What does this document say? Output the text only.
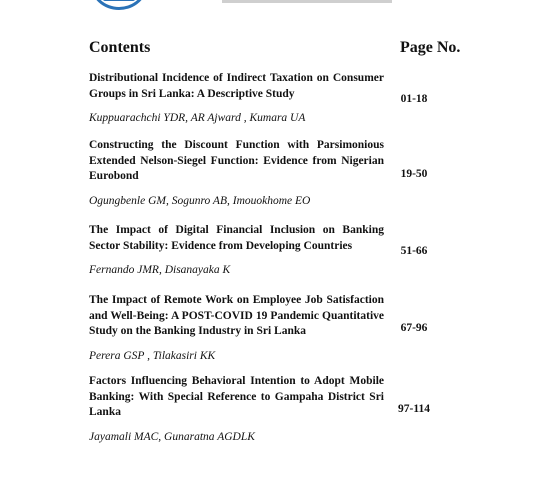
Contents	Page No.

Distributional Incidence of Indirect Taxation on Consumer Groups in Sri Lanka: A Descriptive Study

Kuppuarachchi YDR, AR Ajward , Kumara UA
01-18

Constructing the Discount Function with Parsimonious Extended Nelson-Siegel Function: Evidence from Nigerian Eurobond

Ogungbenle GM, Sogunro AB, Imouokhome EO
19-50

The Impact of Digital Financial Inclusion on Banking Sector Stability: Evidence from Developing Countries

Fernando JMR, Disanayaka K
51-66

The Impact of Remote Work on Employee Job Satisfaction and Well-Being: A POST-COVID 19 Pandemic Quantitative Study on the Banking Industry in Sri Lanka

Perera GSP , Tilakasiri KK
67-96

Factors Influencing Behavioral Intention to Adopt Mobile Banking: With Special Reference to Gampaha District Sri Lanka

Jayamali MAC, Gunaratna AGDLK
97-114
